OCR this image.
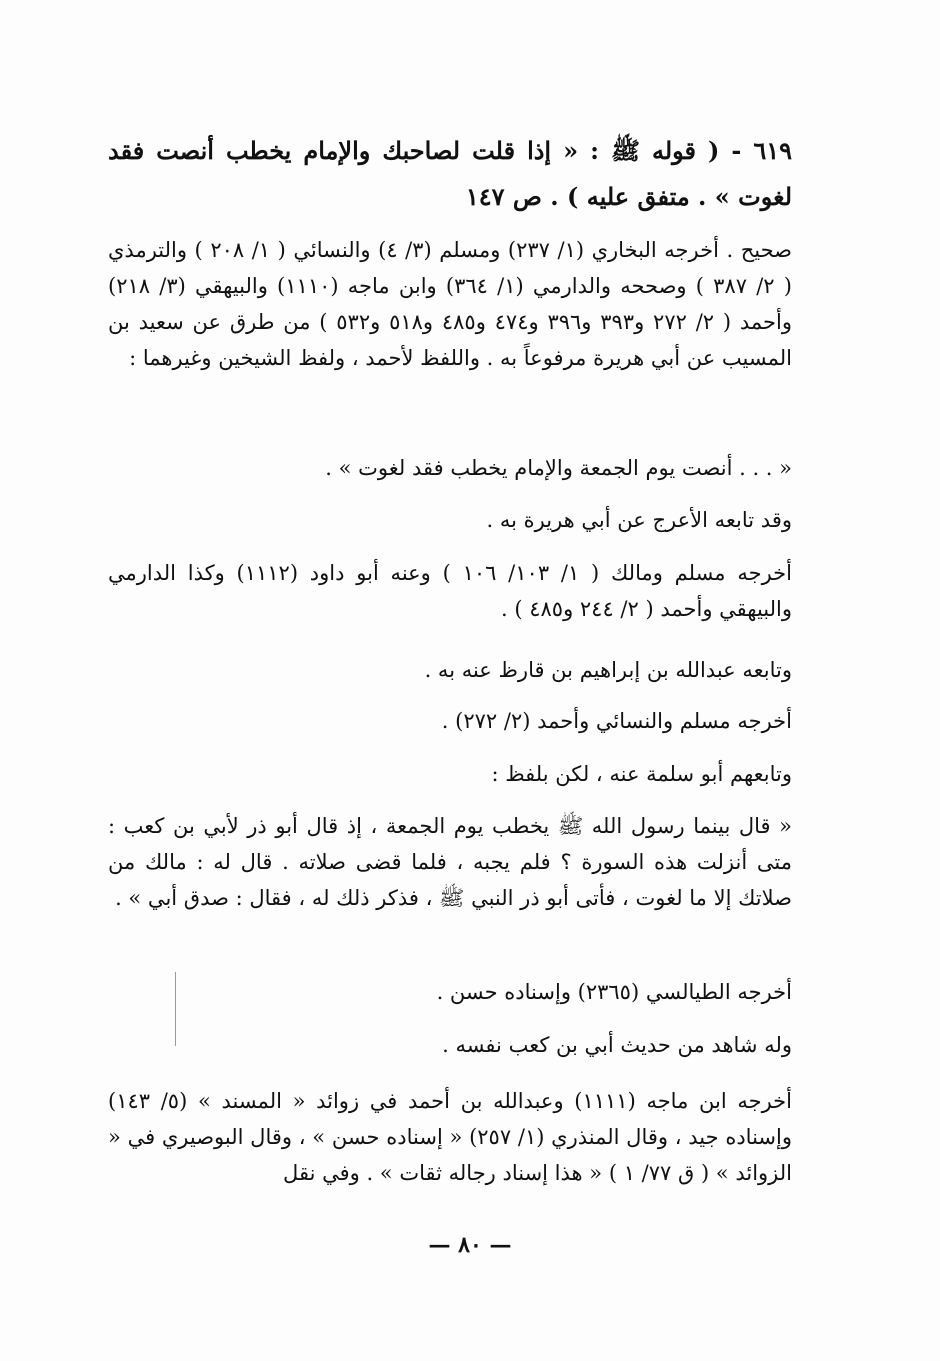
٦١٩ - ( قوله ﷺ : « إذا قلت لصاحبك والإمام يخطب أنصت فقد لغوت » . متفق عليه ) . ص ١٤٧
صحيح . أخرجه البخاري (١/ ٢٣٧) ومسلم (٣/ ٤) والنسائي ( ١/ ٢٠٨ ) والترمذي ( ٢/ ٣٨٧ ) وصححه والدارمي (١/ ٣٦٤) وابن ماجه (١١١٠) والبيهقي (٣/ ٢١٨) وأحمد ( ٢/ ٢٧٢ و٣٩٣ و٣٩٦ و٤٧٤ و٤٨٥ و٥١٨ و٥٣٢ ) من طرق عن سعيد بن المسيب عن أبي هريرة مرفوعاً به . واللفظ لأحمد ، ولفظ الشيخين وغيرهما :
« . . . أنصت يوم الجمعة والإمام يخطب فقد لغوت » .
وقد تابعه الأعرج عن أبي هريرة به .
أخرجه مسلم ومالك ( ١/ ١٠٣/ ١٠٦ ) وعنه أبو داود (١١١٢) وكذا الدارمي والبيهقي وأحمد ( ٢/ ٢٤٤ و٤٨٥ ) .
وتابعه عبدالله بن إبراهيم بن قارظ عنه به .
أخرجه مسلم والنسائي وأحمد (٢/ ٢٧٢) .
وتابعهم أبو سلمة عنه ، لكن بلفظ :
« قال بينما رسول الله ﷺ يخطب يوم الجمعة ، إذ قال أبو ذر لأبي بن كعب : متى أنزلت هذه السورة ؟ فلم يجبه ، فلما قضى صلاته . قال له : مالك من صلاتك إلا ما لغوت ، فأتى أبو ذر النبي ﷺ ، فذكر ذلك له ، فقال : صدق أبي » .
أخرجه الطيالسي (٢٣٦٥) وإسناده حسن .
وله شاهد من حديث أبي بن كعب نفسه .
أخرجه ابن ماجه (١١١١) وعبدالله بن أحمد في زوائد « المسند » (٥/ ١٤٣) وإسناده جيد ، وقال المنذري (١/ ٢٥٧) « إسناده حسن » ، وقال البوصيري في « الزوائد » ( ق ٧٧/ ١ ) « هذا إسناد رجاله ثقات » . وفي نقل
— ٨٠ —
